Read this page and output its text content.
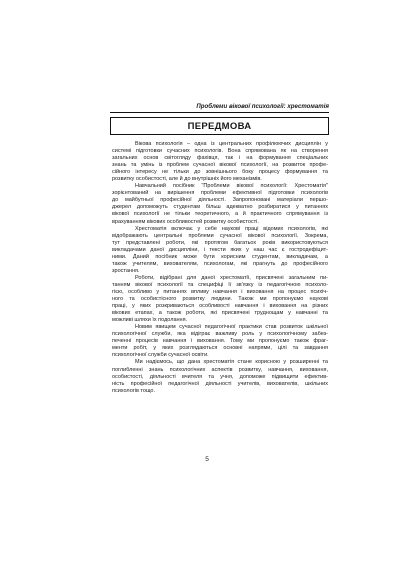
Проблеми вікової психології: хрестоматія
ПЕРЕДМОВА
Вікова психологія – одна із центральних профілюючих дисциплін у
системі підготовки сучасних психологів. Вона спрямована як на створення
загальних основ світогляду фахівця, так і на формування спеціальних
знань та умінь із проблем сучасної вікової психології, на розвиток профе-
сійного інтересу не тільки до зовнішнього боку процесу формування та
розвитку особистості, але й до внутрішніх його механізмів.
Навчальний посібник "Проблеми вікової психології: Хрестоматія"
зорієнтований на вирішення проблеми ефективної підготовки психологів
до майбутньої професійної діяльності. Запропоновані матеріали першо-
джерел допоможуть студентам більш адекватно розбиратися у питаннях
вікової психології не тільки теоретичного, а й практичного спрямування із
врахуванням вікових особливостей розвитку особистості.
Хрестоматія включає у себе наукові праці відомих психологів, які
відображають центральні проблеми сучасної вікової психології. Зокрема,
тут представлені роботи, які протягом багатьох років використовуються
викладачами даної дисципліни, і тексти яких у наш час є гостродефіцит-
ними. Даний посібник може бути корисним студентам, викладачам, а
також учителям, вихователям, психологам, які прагнуть до професійного
зростання.
Роботи, відібрані для даної хрестоматії, присвячені загальним пи-
танням вікової психології та специфіці її зв'язку із педагогічною психоло-
гією, особливо у питаннях впливу навчання і виховання на процес психіч-
ного та особистісного розвитку людини. Також ми пропонуємо наукові
праці, у яких розкриваються особливості навчання і виховання на різних
вікових етапах, а також роботи, які присвячені труднощам у навчанні та
можливі шляхи їх подолання.
Новим явищем сучасної педагогічної практики став розвиток шкільної
психологічної служби, яка відіграє важливу роль у психологічному забез-
печенні процесів навчання і виховання. Тому ми пропонуємо також фраг-
менти робіт, у яких розглядаються основні напрями, цілі та завдання
психологічної служби сучасної освіти.
Ми надіємось, що дана хрестоматія стане корисною у розширенні та
поглибленні знань психологічних аспектів розвитку, навчання, виховання,
особистості, діяльності вчителя та учня, допоможе підвищити ефектив-
ність професійної педагогічної діяльності учителів, вихователів, шкільних
психологів тощо.
5
